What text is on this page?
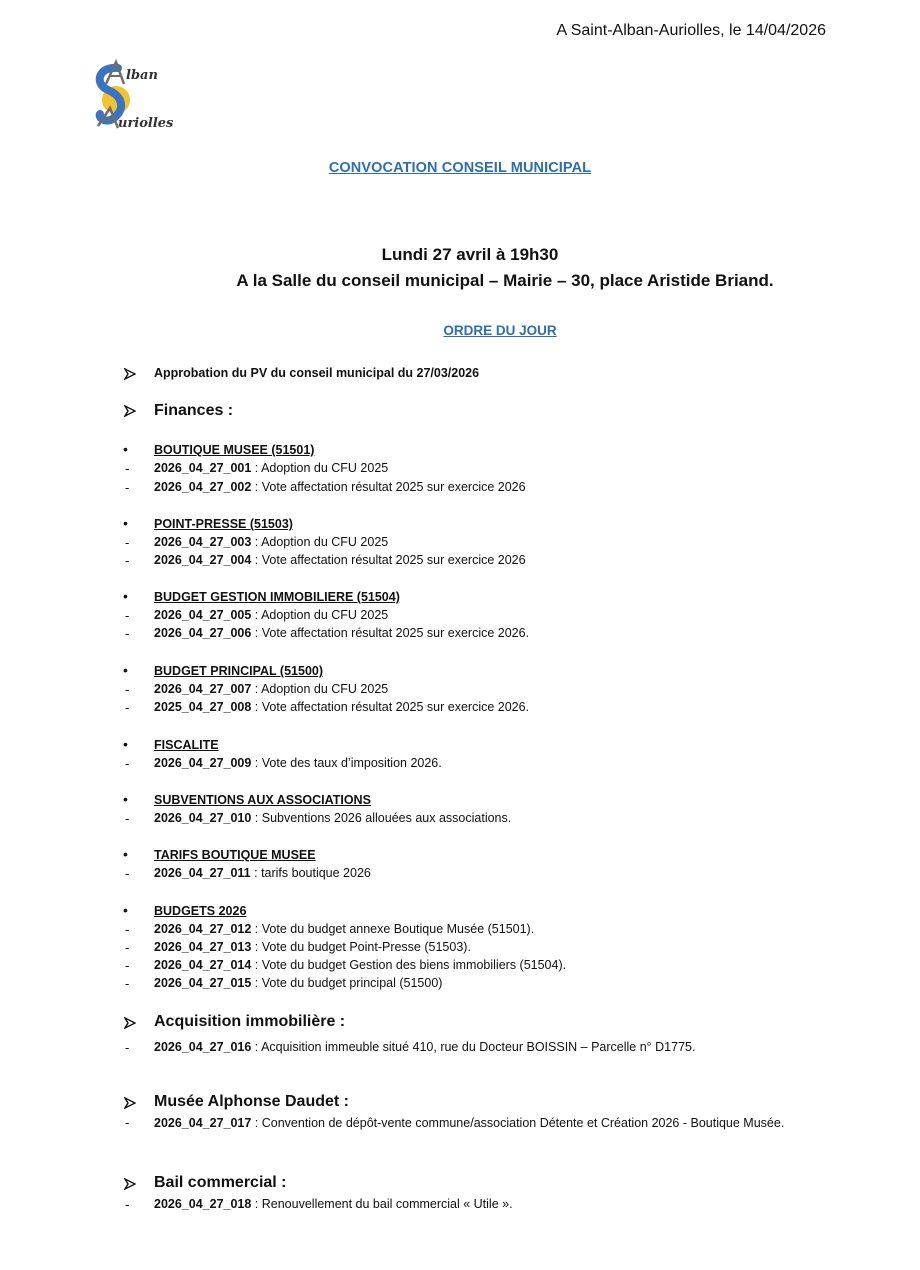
A Saint-Alban-Auriolles, le 14/04/2026
lban
uriolles
CONVOCATION CONSEIL MUNICIPAL
Lundi 27 avril à 19h30
A la Salle du conseil municipal – Mairie – 30, place Aristide Briand.
ORDRE DU JOUR
Approbation du PV du conseil municipal du 27/03/2026
Finances :
• BOUTIQUE MUSEE (51501)
- 2026_04_27_001 : Adoption du CFU 2025
- 2026_04_27_002 : Vote affectation résultat 2025 sur exercice 2026
• POINT-PRESSE (51503)
- 2026_04_27_003 : Adoption du CFU 2025
- 2026_04_27_004 : Vote affectation résultat 2025 sur exercice 2026
• BUDGET GESTION IMMOBILIERE (51504)
- 2026_04_27_005 : Adoption du CFU 2025
- 2026_04_27_006 : Vote affectation résultat 2025 sur exercice 2026.
• BUDGET PRINCIPAL (51500)
- 2026_04_27_007 : Adoption du CFU 2025
- 2025_04_27_008 : Vote affectation résultat 2025 sur exercice 2026.
• FISCALITE
- 2026_04_27_009 : Vote des taux d’imposition 2026.
• SUBVENTIONS AUX ASSOCIATIONS
- 2026_04_27_010 : Subventions 2026 allouées aux associations.
• TARIFS BOUTIQUE MUSEE
- 2026_04_27_011 : tarifs boutique 2026
• BUDGETS 2026
- 2026_04_27_012 : Vote du budget annexe Boutique Musée (51501).
- 2026_04_27_013 : Vote du budget Point-Presse (51503).
- 2026_04_27_014 : Vote du budget Gestion des biens immobiliers (51504).
- 2026_04_27_015 : Vote du budget principal (51500)
Acquisition immobilière :
- 2026_04_27_016 : Acquisition immeuble situé 410, rue du Docteur BOISSIN – Parcelle n° D1775.
Musée Alphonse Daudet :
- 2026_04_27_017 : Convention de dépôt-vente commune/association Détente et Création 2026 - Boutique Musée.
Bail commercial :
- 2026_04_27_018 : Renouvellement du bail commercial « Utile ».
